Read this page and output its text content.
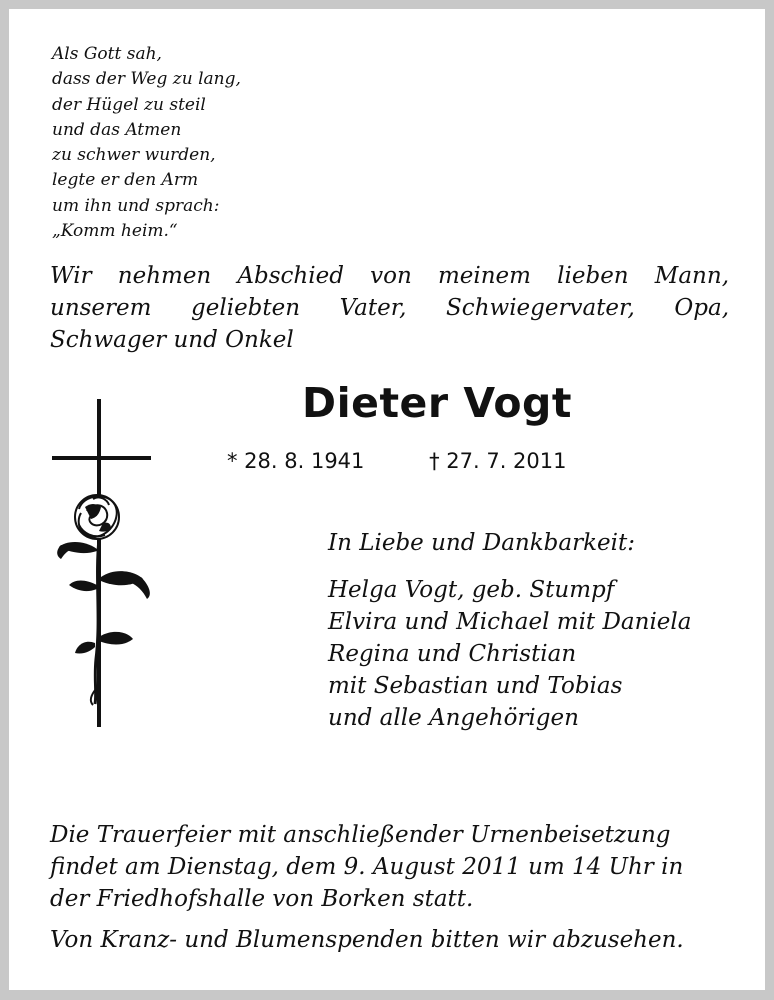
Als Gott sah,
dass der Weg zu lang,
der Hügel zu steil
und das Atmen
zu schwer wurden,
legte er den Arm
um ihn und sprach:
„Komm heim.“
Wir nehmen Abschied von meinem lieben Mann,
unserem geliebten Vater, Schwiegervater, Opa,
Schwager und Onkel
Dieter Vogt
* 28. 8. 1941	† 27. 7. 2011
In Liebe und Dankbarkeit:
Helga Vogt, geb. Stumpf
Elvira und Michael mit Daniela
Regina und Christian
mit Sebastian und Tobias
und alle Angehörigen
Die Trauerfeier mit anschließender Urnenbeisetzung
findet am Dienstag, dem 9. August 2011 um 14 Uhr in
der Friedhofshalle von Borken statt.
Von Kranz- und Blumenspenden bitten wir abzusehen.
